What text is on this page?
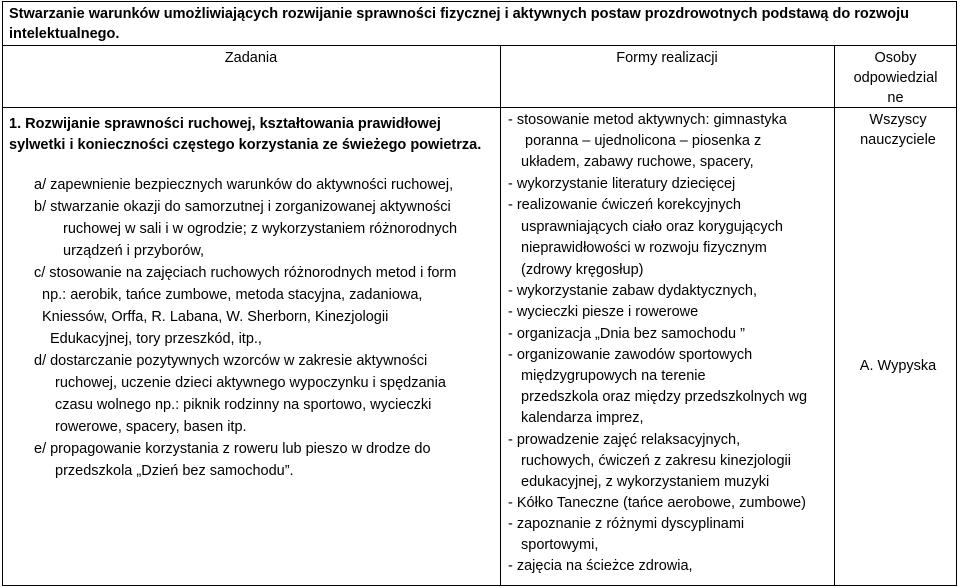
Stwarzanie warunków umożliwiających rozwijanie sprawności fizycznej i aktywnych postaw prozdrowotnych podstawą do rozwoju intelektualnego.
Zadania	Formy realizacji	Osoby
odpowiedzial
ne
1. Rozwijanie sprawności ruchowej, kształtowania prawidłowej
sylwetki i konieczności częstego korzystania ze świeżego powietrza.
a/ zapewnienie bezpiecznych warunków do aktywności ruchowej,
b/ stwarzanie okazji do samorzutnej i zorganizowanej aktywności
ruchowej w sali i w ogrodzie; z wykorzystaniem różnorodnych
urządzeń i przyborów,
c/ stosowanie na zajęciach ruchowych różnorodnych metod i form
np.: aerobik, tańce zumbowe, metoda stacyjna, zadaniowa,
Kniessów, Orffa, R. Labana, W. Sherborn, Kinezjologii
Edukacyjnej, tory przeszkód, itp.,
d/ dostarczanie pozytywnych wzorców w zakresie aktywności
ruchowej, uczenie dzieci aktywnego wypoczynku i spędzania
czasu wolnego np.: piknik rodzinny na sportowo, wycieczki
rowerowe, spacery, basen itp.
e/ propagowanie korzystania z roweru lub pieszo w drodze do
przedszkola „Dzień bez samochodu”.
- stosowanie metod aktywnych: gimnastyka
poranna – ujednolicona – piosenka z
układem, zabawy ruchowe, spacery,
- wykorzystanie literatury dziecięcej
- realizowanie ćwiczeń korekcyjnych
usprawniających ciało oraz korygujących
nieprawidłowości w rozwoju fizycznym
(zdrowy kręgosłup)
- wykorzystanie zabaw dydaktycznych,
- wycieczki piesze i rowerowe
- organizacja „Dnia bez samochodu ”
- organizowanie zawodów sportowych
międzygrupowych na terenie
przedszkola oraz między przedszkolnych wg
kalendarza imprez,
- prowadzenie zajęć relaksacyjnych,
ruchowych, ćwiczeń z zakresu kinezjologii
edukacyjnej, z wykorzystaniem muzyki
- Kółko Taneczne (tańce aerobowe, zumbowe)
- zapoznanie z różnymi dyscyplinami
sportowymi,
- zajęcia na ścieżce zdrowia,
Wszyscy
nauczyciele
A. Wypyska
